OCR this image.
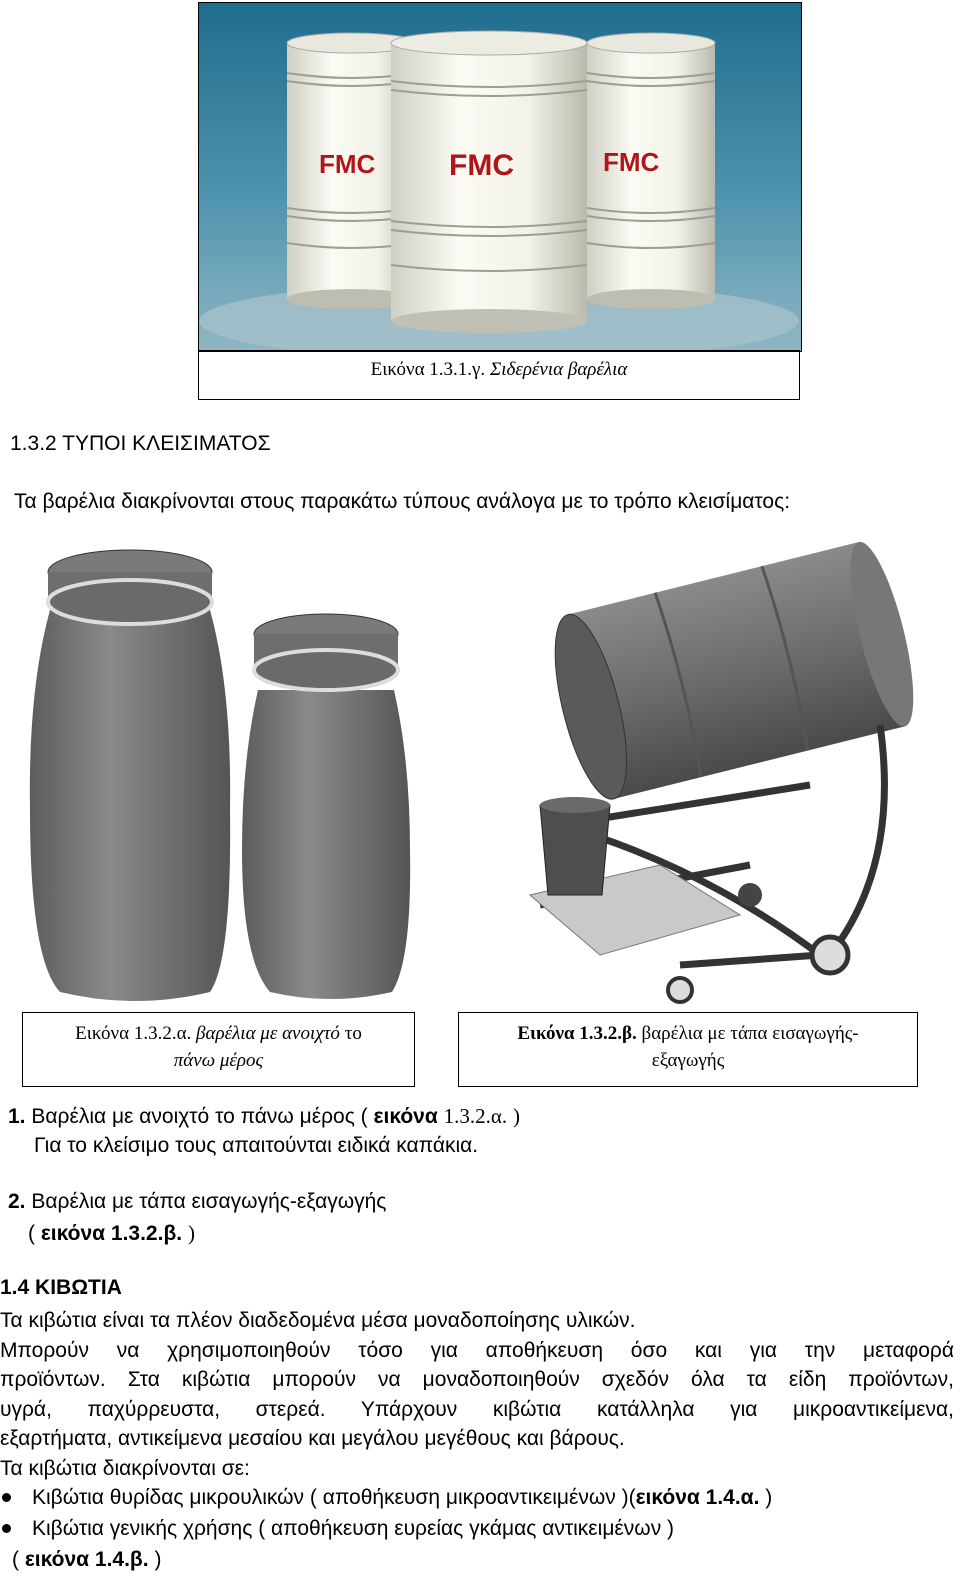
FMC	FMC
FMC
Εικόνα 1.3.1.γ. Σιδερένια βαρέλια
1.3.2 ΤΥΠΟΙ ΚΛΕΙΣΙΜΑΤΟΣ
Τα βαρέλια διακρίνονται στους παρακάτω τύπους ανάλογα με το τρόπο κλεισίματος:
Εικόνα 1.3.2.α. βαρέλια με ανοιχτό το
πάνω μέρος
Εικόνα 1.3.2.β. βαρέλια με τάπα εισαγωγής-
εξαγωγής
1. Βαρέλια με ανοιχτό το πάνω μέρος ( εικόνα 1.3.2.α. )
Για το κλείσιμο τους απαιτούνται ειδικά καπάκια.
2. Βαρέλια με τάπα εισαγωγής-εξαγωγής
( εικόνα 1.3.2.β. )
1.4 ΚΙΒΩΤΙΑ
Τα κιβώτια είναι τα πλέον διαδεδομένα μέσα μοναδοποίησης υλικών.
Μπορούν να χρησιμοποιηθούν τόσο για αποθήκευση όσο και για την μεταφορά
προϊόντων. Στα κιβώτια μπορούν να μοναδοποιηθούν σχεδόν όλα τα είδη προϊόντων,
υγρά, παχύρρευστα, στερεά. Υπάρχουν κιβώτια κατάλληλα για μικροαντικείμενα,
εξαρτήματα, αντικείμενα μεσαίου και μεγάλου μεγέθους και βάρους.
Τα κιβώτια διακρίνονται σε:
Κιβώτια θυρίδας μικρουλικών ( αποθήκευση μικροαντικειμένων )(εικόνα 1.4.α. )
Κιβώτια γενικής χρήσης ( αποθήκευση ευρείας γκάμας αντικειμένων )
( εικόνα 1.4.β. )
